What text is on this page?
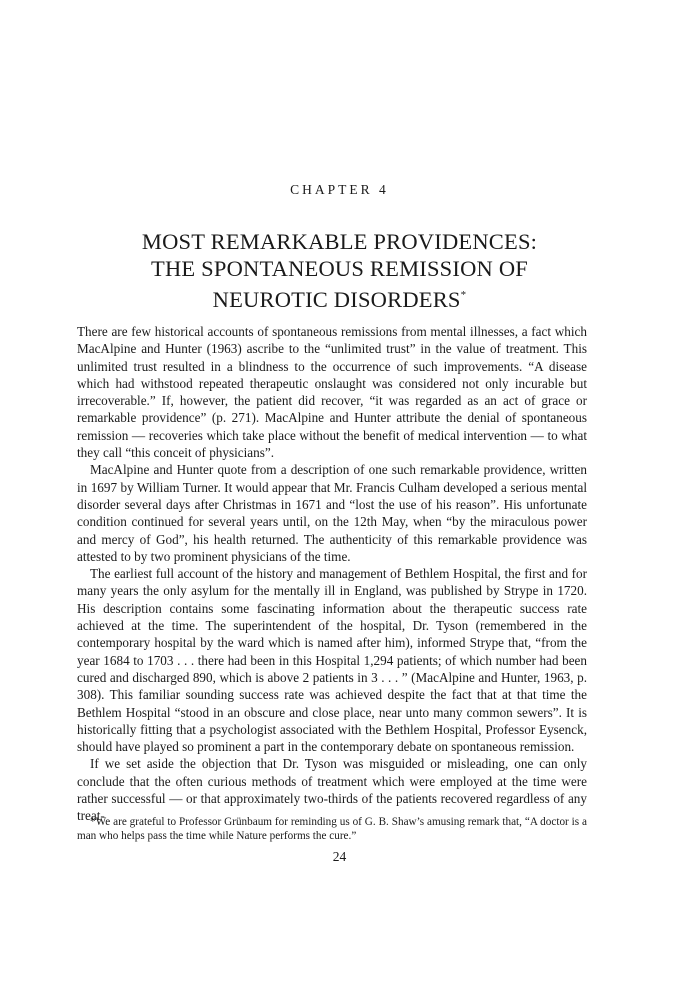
CHAPTER 4
MOST REMARKABLE PROVIDENCES:
THE SPONTANEOUS REMISSION OF
NEUROTIC DISORDERS*

There are few historical accounts of spontaneous remissions from mental illnesses, a fact which MacAlpine and Hunter (1963) ascribe to the “unlimited trust” in the value of treatment. This unlimited trust resulted in a blindness to the occurrence of such improvements. “A disease which had withstood repeated therapeutic onslaught was considered not only incurable but irrecoverable.” If, however, the patient did recover, “it was regarded as an act of grace or remarkable providence” (p. 271). MacAlpine and Hunter attribute the denial of spontaneous remission — recoveries which take place without the benefit of medical intervention — to what they call “this conceit of physicians”.

MacAlpine and Hunter quote from a description of one such remarkable providence, written in 1697 by William Turner. It would appear that Mr. Francis Culham developed a serious mental disorder several days after Christmas in 1671 and “lost the use of his reason”. His unfortunate condition continued for several years until, on the 12th May, when “by the miraculous power and mercy of God”, his health returned. The authenticity of this remarkable providence was attested to by two prominent physicians of the time.

The earliest full account of the history and management of Bethlem Hospital, the first and for many years the only asylum for the mentally ill in England, was published by Strype in 1720. His description contains some fascinating information about the therapeutic success rate achieved at the time. The superintendent of the hospital, Dr. Tyson (remembered in the contemporary hospital by the ward which is named after him), informed Strype that, “from the year 1684 to 1703 . . . there had been in this Hospital 1,294 patients; of which number had been cured and discharged 890, which is above 2 patients in 3 . . . ” (MacAlpine and Hunter, 1963, p. 308). This familiar sounding success rate was achieved despite the fact that at that time the Bethlem Hospital “stood in an obscure and close place, near unto many common sewers”. It is historically fitting that a psychologist associated with the Bethlem Hospital, Professor Eysenck, should have played so prominent a part in the contemporary debate on spontaneous remission.

If we set aside the objection that Dr. Tyson was misguided or misleading, one can only conclude that the often curious methods of treatment which were employed at the time were rather successful — or that approximately two-thirds of the patients recovered regardless of any treat-

*We are grateful to Professor Grünbaum for reminding us of G. B. Shaw’s amusing remark that, “A doctor is a man who helps pass the time while Nature performs the cure.”
24
